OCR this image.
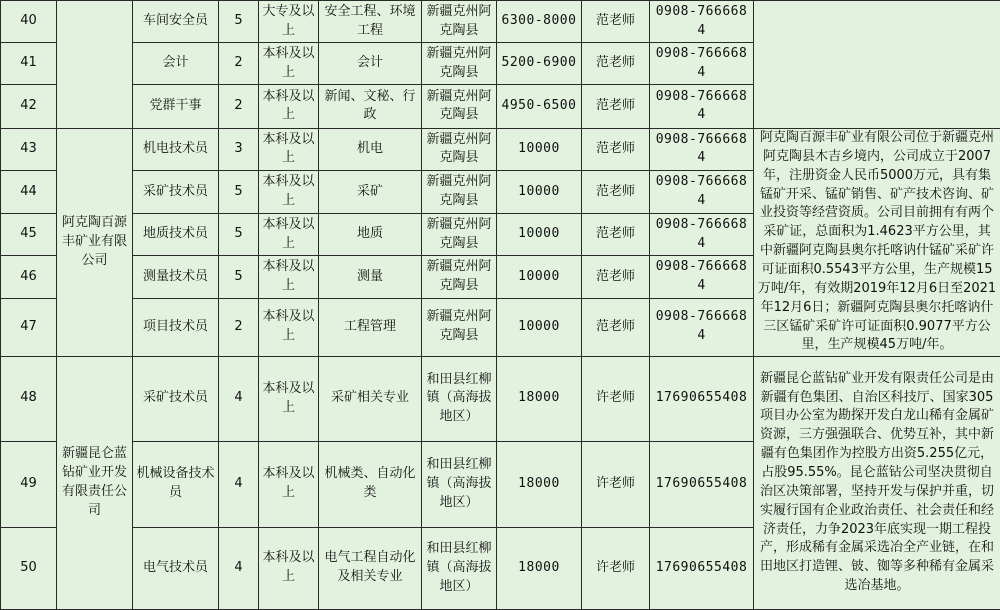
40		车间安全员	5	大专及以上	安全工程、环境工程	新疆克州阿克陶县	6300-8000	范老师	0908-7666684	
41		会计	2	本科及以上	会计	新疆克州阿克陶县	5200-6900	范老师	0908-7666684	
42		党群干事	2	本科及以上	新闻、文秘、行政	新疆克州阿克陶县	4950-6500	范老师	0908-7666684	
43	阿克陶百源丰矿业有限公司	机电技术员	3	本科及以上	机电	新疆克州阿克陶县	10000	范老师	0908-7666684	阿克陶百源丰矿业有限公司位于新疆克州阿克陶县木吉乡境内，公司成立于2007年，注册资金人民币5000万元，具有集锰矿开采、锰矿销售、矿产技术咨询、矿业投资等经营资质。公司目前拥有有两个采矿证，总面积为1.4623平方公里，其中新疆阿克陶县奥尔托喀讷什锰矿采矿许可证面积0.5543平方公里，生产规模15万吨/年，有效期2019年12月6日至2021年12月6日；新疆阿克陶县奥尔托喀讷什三区锰矿采矿许可证面积0.9077平方公里，生产规模45万吨/年。
44		采矿技术员	5	本科及以上	采矿	新疆克州阿克陶县	10000	范老师	0908-7666684	
45		地质技术员	5	本科及以上	地质	新疆克州阿克陶县	10000	范老师	0908-7666684	
46		测量技术员	5	本科及以上	测量	新疆克州阿克陶县	10000	范老师	0908-7666684	
47		项目技术员	2	本科及以上	工程管理	新疆克州阿克陶县	10000	范老师	0908-7666684	
48	新疆昆仑蓝钻矿业开发有限责任公司	采矿技术员	4	本科及以上	采矿相关专业	和田县红柳镇（高海拔地区）	18000	许老师	17690655408	新疆昆仑蓝钻矿业开发有限责任公司是由新疆有色集团、自治区科技厅、国家305项目办公室为勘探开发白龙山稀有金属矿资源，三方强强联合、优势互补，其中新疆有色集团作为控股方出资5.255亿元，占股95.55%。昆仑蓝钻公司坚决贯彻自治区决策部署，坚持开发与保护并重，切实履行国有企业政治责任、社会责任和经济责任，力争2023年底实现一期工程投产，形成稀有金属采选冶全产业链，在和田地区打造锂、铍、铷等多种稀有金属采选冶基地。
49		机械设备技术员	4	本科及以上	机械类、自动化类	和田县红柳镇（高海拔地区）	18000	许老师	17690655408	
50		电气技术员	4	本科及以上	电气工程自动化及相关专业	和田县红柳镇（高海拔地区）	18000	许老师	17690655408	
